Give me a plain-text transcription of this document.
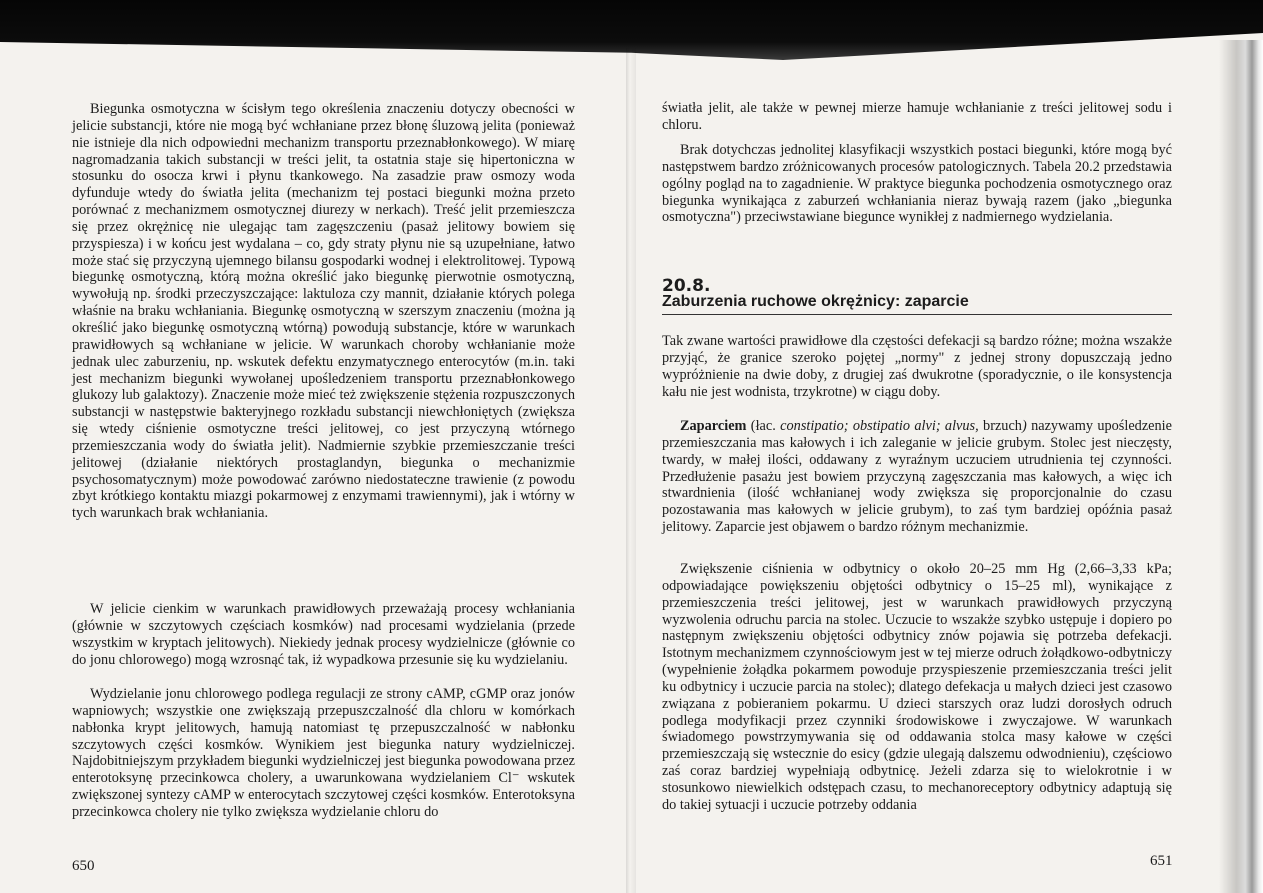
Biegunka osmotyczna w ścisłym tego określenia znaczeniu dotyczy obecności w jelicie substancji, które nie mogą być wchłaniane przez błonę śluzową jelita (ponieważ nie istnieje dla nich odpowiedni mechanizm transportu przeznabłonkowego). W miarę nagromadzania takich substancji w treści jelit, ta ostatnia staje się hipertoniczna w stosunku do osocza krwi i płynu tkankowego. Na zasadzie praw osmozy woda dyfunduje wtedy do światła jelita (mechanizm tej postaci biegunki można przeto porównać z mechanizmem osmotycznej diurezy w nerkach). Treść jelit przemieszcza się przez okrężnicę nie ulegając tam zagęszczeniu (pasaż jelitowy bowiem się przyspiesza) i w końcu jest wydalana – co, gdy straty płynu nie są uzupełniane, łatwo może stać się przyczyną ujemnego bilansu gospodarki wodnej i elektrolitowej. Typową biegunkę osmotyczną, którą można określić jako biegunkę pierwotnie osmotyczną, wywołują np. środki przeczyszczające: laktuloza czy mannit, działanie których polega właśnie na braku wchłaniania. Biegunkę osmotyczną w szerszym znaczeniu (można ją określić jako biegunkę osmotyczną wtórną) powodują substancje, które w warunkach prawidłowych są wchłaniane w jelicie. W warunkach choroby wchłanianie może jednak ulec zaburzeniu, np. wskutek defektu enzymatycznego enterocytów (m.in. taki jest mechanizm biegunki wywołanej upośledzeniem transportu przeznabłonkowego glukozy lub galaktozy). Znaczenie może mieć też zwiększenie stężenia rozpuszczonych substancji w następstwie bakteryjnego rozkładu substancji niewchłoniętych (zwiększa się wtedy ciśnienie osmotyczne treści jelitowej, co jest przyczyną wtórnego przemieszczania wody do światła jelit). Nadmiernie szybkie przemieszczanie treści jelitowej (działanie niektórych prostaglandyn, biegunka o mechanizmie psychosomatycznym) może powodować zarówno niedostateczne trawienie (z powodu zbyt krótkiego kontaktu miazgi pokarmowej z enzymami trawiennymi), jak i wtórny w tych warunkach brak wchłaniania.

W jelicie cienkim w warunkach prawidłowych przeważają procesy wchłaniania (głównie w szczytowych częściach kosmków) nad procesami wydzielania (przede wszystkim w kryptach jelitowych). Niekiedy jednak procesy wydzielnicze (głównie co do jonu chlorowego) mogą wzrosnąć tak, iż wypadkowa przesunie się ku wydzielaniu.

Wydzielanie jonu chlorowego podlega regulacji ze strony cAMP, cGMP oraz jonów wapniowych; wszystkie one zwiększają przepuszczalność dla chloru w komórkach nabłonka krypt jelitowych, hamują natomiast tę przepuszczalność w nabłonku szczytowych części kosmków. Wynikiem jest biegunka natury wydzielniczej. Najdobitniejszym przykładem biegunki wydzielniczej jest biegunka powodowana przez enterotoksynę przecinkowca cholery, a uwarunkowana wydzielaniem Cl⁻ wskutek zwiększonej syntezy cAMP w enterocytach szczytowej części kosmków. Enterotoksyna przecinkowca cholery nie tylko zwiększa wydzielanie chloru do

650

światła jelit, ale także w pewnej mierze hamuje wchłanianie z treści jelitowej sodu i chloru.

Brak dotychczas jednolitej klasyfikacji wszystkich postaci biegunki, które mogą być następstwem bardzo zróżnicowanych procesów patologicznych. Tabela 20.2 przedstawia ogólny pogląd na to zagadnienie. W praktyce biegunka pochodzenia osmotycznego oraz biegunka wynikająca z zaburzeń wchłaniania nieraz bywają razem (jako „biegunka osmotyczna") przeciwstawiane biegunce wynikłej z nadmiernego wydzielania.

20.8.
Zaburzenia ruchowe okrężnicy: zaparcie

Tak zwane wartości prawidłowe dla częstości defekacji są bardzo różne; można wszakże przyjąć, że granice szeroko pojętej „normy" z jednej strony dopuszczają jedno wypróżnienie na dwie doby, z drugiej zaś dwukrotne (sporadycznie, o ile konsystencja kału nie jest wodnista, trzykrotne) w ciągu doby.

Zaparciem (łac. constipatio; obstipatio alvi; alvus, brzuch) nazywamy upośledzenie przemieszczania mas kałowych i ich zaleganie w jelicie grubym. Stolec jest nieczęsty, twardy, w małej ilości, oddawany z wyraźnym uczuciem utrudnienia tej czynności. Przedłużenie pasażu jest bowiem przyczyną zagęszczania mas kałowych, a więc ich stwardnienia (ilość wchłanianej wody zwiększa się proporcjonalnie do czasu pozostawania mas kałowych w jelicie grubym), to zaś tym bardziej opóźnia pasaż jelitowy. Zaparcie jest objawem o bardzo różnym mechanizmie.

Zwiększenie ciśnienia w odbytnicy o około 20–25 mm Hg (2,66–3,33 kPa; odpowiadające powiększeniu objętości odbytnicy o 15–25 ml), wynikające z przemieszczenia treści jelitowej, jest w warunkach prawidłowych przyczyną wyzwolenia odruchu parcia na stolec. Uczucie to wszakże szybko ustępuje i dopiero po następnym zwiększeniu objętości odbytnicy znów pojawia się potrzeba defekacji. Istotnym mechanizmem czynnościowym jest w tej mierze odruch żołądkowo-odbytniczy (wypełnienie żołądka pokarmem powoduje przyspieszenie przemieszczania treści jelit ku odbytnicy i uczucie parcia na stolec); dlatego defekacja u małych dzieci jest czasowo związana z pobieraniem pokarmu. U dzieci starszych oraz ludzi dorosłych odruch podlega modyfikacji przez czynniki środowiskowe i zwyczajowe. W warunkach świadomego powstrzymywania się od oddawania stolca masy kałowe w części przemieszczają się wstecznie do esicy (gdzie ulegają dalszemu odwodnieniu), częściowo zaś coraz bardziej wypełniają odbytnicę. Jeżeli zdarza się to wielokrotnie i w stosunkowo niewielkich odstępach czasu, to mechanoreceptory odbytnicy adaptują się do takiej sytuacji i uczucie potrzeby oddania

651
